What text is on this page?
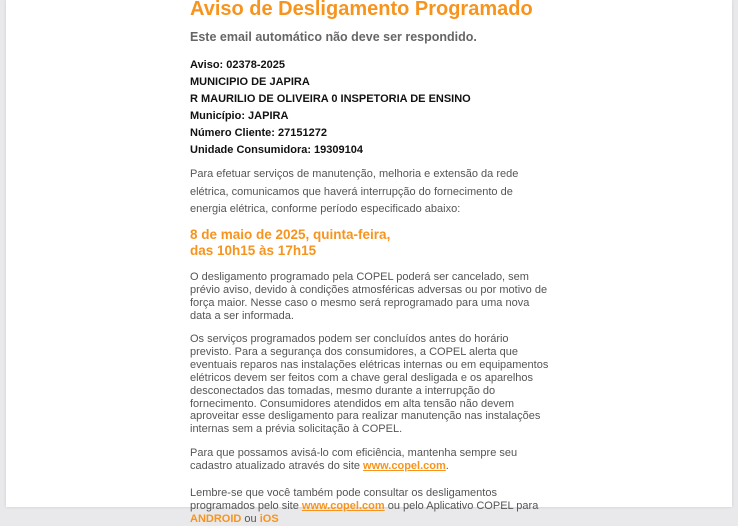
Aviso de Desligamento Programado
Este email automático não deve ser respondido.
Aviso: 02378-2025
MUNICIPIO DE JAPIRA
R MAURILIO DE OLIVEIRA 0 INSPETORIA DE ENSINO
Município: JAPIRA
Número Cliente: 27151272
Unidade Consumidora: 19309104
Para efetuar serviços de manutenção, melhoria e extensão da rede elétrica, comunicamos que haverá interrupção do fornecimento de energia elétrica, conforme período especificado abaixo:
8 de maio de 2025, quinta-feira,
das 10h15 às 17h15
O desligamento programado pela COPEL poderá ser cancelado, sem prévio aviso, devido à condições atmosféricas adversas ou por motivo de força maior. Nesse caso o mesmo será reprogramado para uma nova data a ser informada.
Os serviços programados podem ser concluídos antes do horário previsto. Para a segurança dos consumidores, a COPEL alerta que eventuais reparos nas instalações elétricas internas ou em equipamentos elétricos devem ser feitos com a chave geral desligada e os aparelhos desconectados das tomadas, mesmo durante a interrupção do fornecimento. Consumidores atendidos em alta tensão não devem aproveitar esse desligamento para realizar manutenção nas instalações internas sem a prévia solicitação à COPEL.
Para que possamos avisá-lo com eficiência, mantenha sempre seu cadastro atualizado através do site www.copel.com.
Lembre-se que você também pode consultar os desligamentos programados pelo site www.copel.com ou pelo Aplicativo COPEL para ANDROID ou iOS
